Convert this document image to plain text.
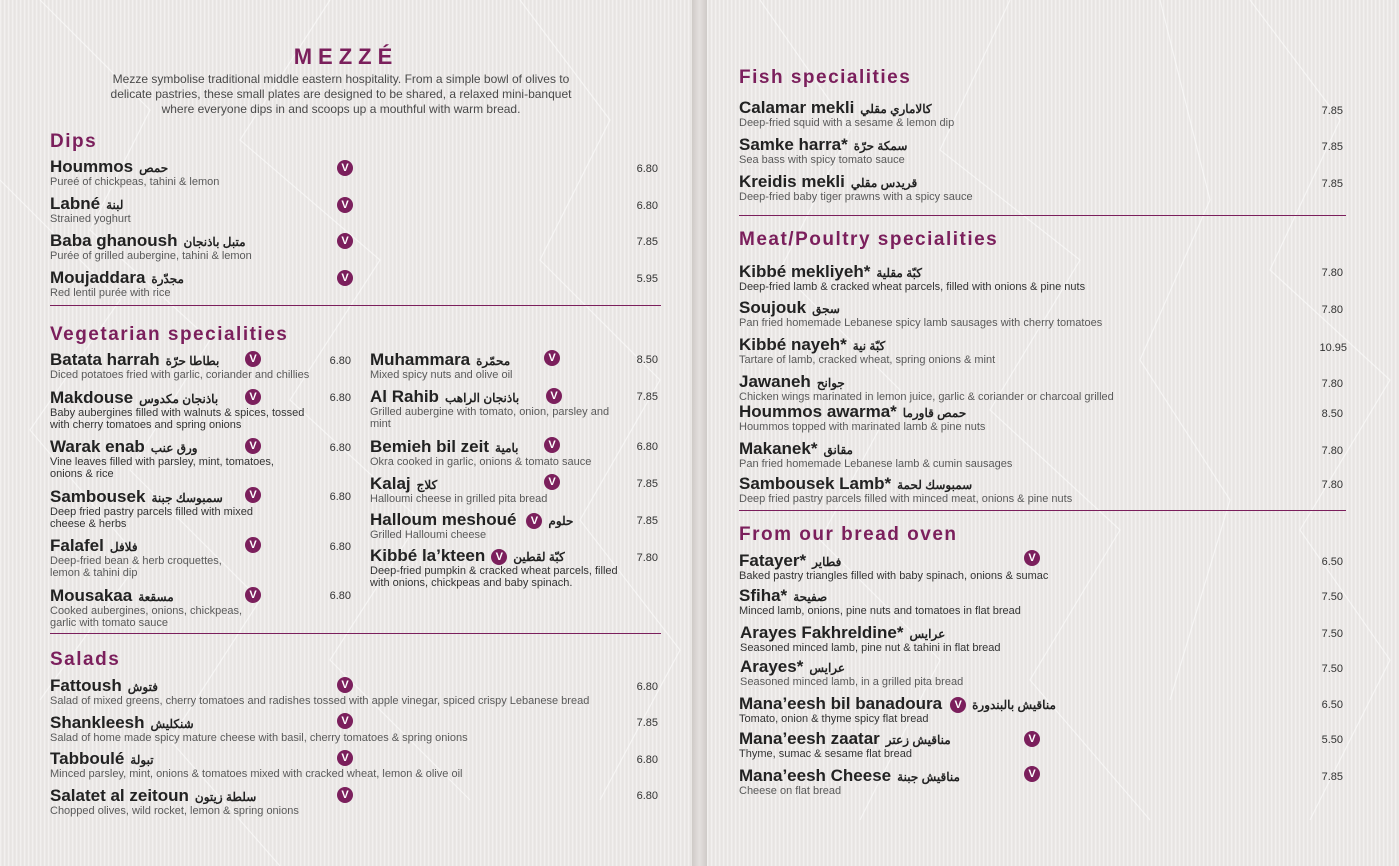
MEZZÉ
Mezze symbolise traditional middle eastern hospitality. From a simple bowl of olives to delicate pastries, these small plates are designed to be shared, a relaxed mini-banquet where everyone dips in and scoops up a mouthful with warm bread.
Dips
Hoummos حمص
Pureé of chickpeas, tahini & lemon
V	6.80
Labné لبنة
Strained yoghurt
V	6.80
Baba ghanoush متبل باذنجان
Purée of grilled aubergine, tahini & lemon
V	7.85
Moujaddara مجدّرة
Red lentil purée with rice
V	5.95
Vegetarian specialities
Batata harrah بطاطا حرّة
Diced potatoes fried with garlic, coriander and chillies
V	6.80
Makdouse باذنجان مكدوس
Baby aubergines filled with walnuts & spices, tossed with cherry tomatoes and spring onions
V	6.80
Warak enab ورق عنب
Vine leaves filled with parsley, mint, tomatoes, onions & rice
V	6.80
Sambousek سمبوسك جبنة
Deep fried pastry parcels filled with mixed cheese & herbs
V	6.80
Falafel فلافل
Deep-fried bean & herb croquettes, lemon & tahini dip
V	6.80
Mousakaa مسقعة
Cooked aubergines, onions, chickpeas, garlic with tomato sauce
V	6.80
Muhammara محمّرة
Mixed spicy nuts and olive oil
V	8.50
Al Rahib باذنجان الراهب
Grilled aubergine with tomato, onion, parsley and mint
V	7.85
Bemieh bil zeit بامية
Okra cooked in garlic, onions & tomato sauce
V	6.80
Kalaj كلاج
Halloumi cheese in grilled pita bread
V	7.85
Halloum meshoué V حلوم
Grilled Halloumi cheese
7.85
Kibbé la’kteen V كبّة لقطين
Deep-fried pumpkin & cracked wheat parcels, filled with onions, chickpeas and baby spinach.
7.80
Salads
Fattoush فتوش
Salad of mixed greens, cherry tomatoes and radishes tossed with apple vinegar, spiced crispy Lebanese bread
V	6.80
Shankleesh شنكليش
Salad of home made spicy mature cheese with basil, cherry tomatoes & spring onions
V	7.85
Tabboulé تبولة
Minced parsley, mint, onions & tomatoes mixed with cracked wheat, lemon & olive oil
V	6.80
Salatet al zeitoun سلطة زيتون
Chopped olives, wild rocket, lemon & spring onions
V	6.80
Fish specialities
Calamar mekli كالاماري مقلي
Deep-fried squid with a sesame & lemon dip
7.85
Samke harra* سمكة حرّة
Sea bass with spicy tomato sauce
7.85
Kreidis mekli قريدس مقلي
Deep-fried baby tiger prawns with a spicy sauce
7.85
Meat/Poultry specialities
Kibbé mekliyeh* كبّة مقلية
Deep-fried lamb & cracked wheat parcels, filled with onions & pine nuts
7.80
Soujouk سجق
Pan fried homemade Lebanese spicy lamb sausages with cherry tomatoes
7.80
Kibbé nayeh* كبّة نية
Tartare of lamb, cracked wheat, spring onions & mint
10.95
Jawaneh جوانح
Chicken wings marinated in lemon juice, garlic & coriander or charcoal grilled
7.80
Hoummos awarma* حمص قاورما
Hoummos topped with marinated lamb & pine nuts
8.50
Makanek* مقانق
Pan fried homemade Lebanese lamb & cumin sausages
7.80
Sambousek Lamb* سمبوسك لحمة
Deep fried pastry parcels filled with minced meat, onions & pine nuts
7.80
From our bread oven
Fatayer* فطاير
Baked pastry triangles filled with baby spinach, onions & sumac
V	6.50
Sfiha* صفيحة
Minced lamb, onions, pine nuts and tomatoes in flat bread
7.50
Arayes Fakhreldine* عرايس
Seasoned minced lamb, pine nut & tahini in flat bread
7.50
Arayes* عرايس
Seasoned minced lamb, in a grilled pita bread
7.50
Mana’eesh bil banadoura V مناقيش بالبندورة
Tomato, onion & thyme spicy flat bread
6.50
Mana’eesh zaatar مناقيش زعتر
Thyme, sumac & sesame flat bread
V	5.50
Mana’eesh Cheese مناقيش جبنة
Cheese on flat bread
V	7.85
